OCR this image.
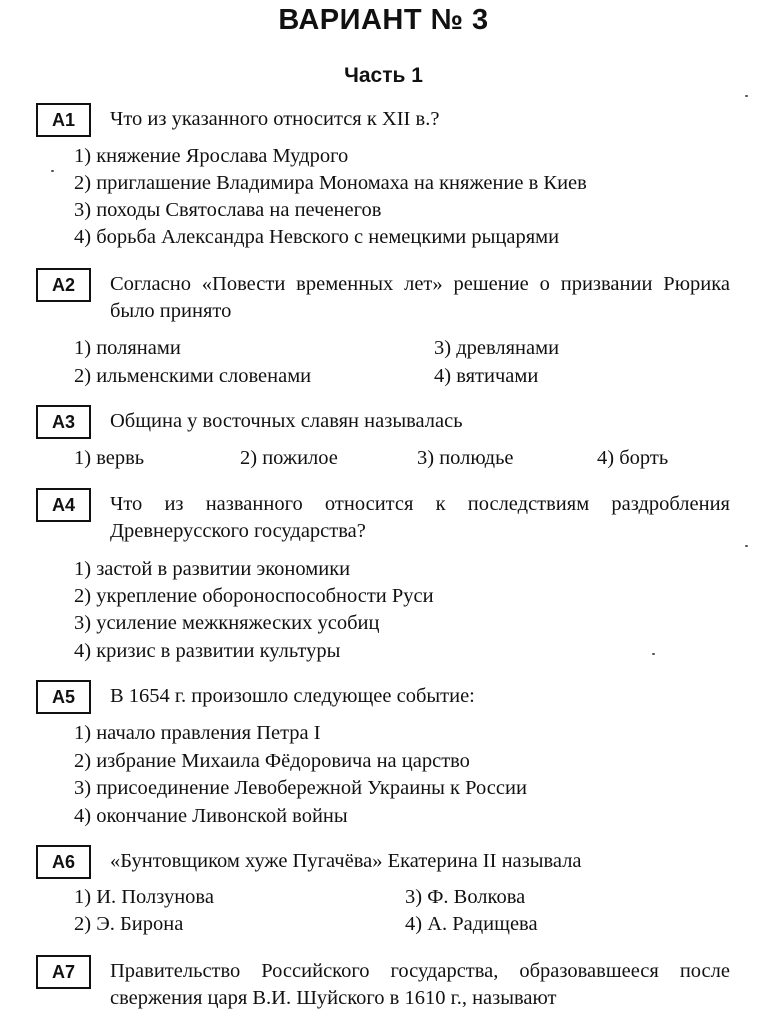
ВАРИАНТ № 3
Часть 1
A1	Что из указанного относится к XII в.?
1) княжение Ярослава Мудрого
2) приглашение Владимира Мономаха на княжение в Киев
3) походы Святослава на печенегов
4) борьба Александра Невского с немецкими рыцарями
A2	Согласно «Повести временных лет» решение о призвании Рюрика было принято
1) полянами	3) древлянами
2) ильменскими словенами	4) вятичами
A3	Община у восточных славян называлась
1) вервь	2) пожилое	3) полюдье	4) борть
A4	Что из названного относится к последствиям раздробления Древнерусского государства?
1) застой в развитии экономики
2) укрепление обороноспособности Руси
3) усиление межкняжеских усобиц
4) кризис в развитии культуры
A5	В 1654 г. произошло следующее событие:
1) начало правления Петра I
2) избрание Михаила Фёдоровича на царство
3) присоединение Левобережной Украины к России
4) окончание Ливонской войны
A6	«Бунтовщиком хуже Пугачёва» Екатерина II называла
1) И. Ползунова	3) Ф. Волкова
2) Э. Бирона	4) А. Радищева
A7	Правительство Российского государства, образовавшееся после свержения царя В.И. Шуйского в 1610 г., называют
